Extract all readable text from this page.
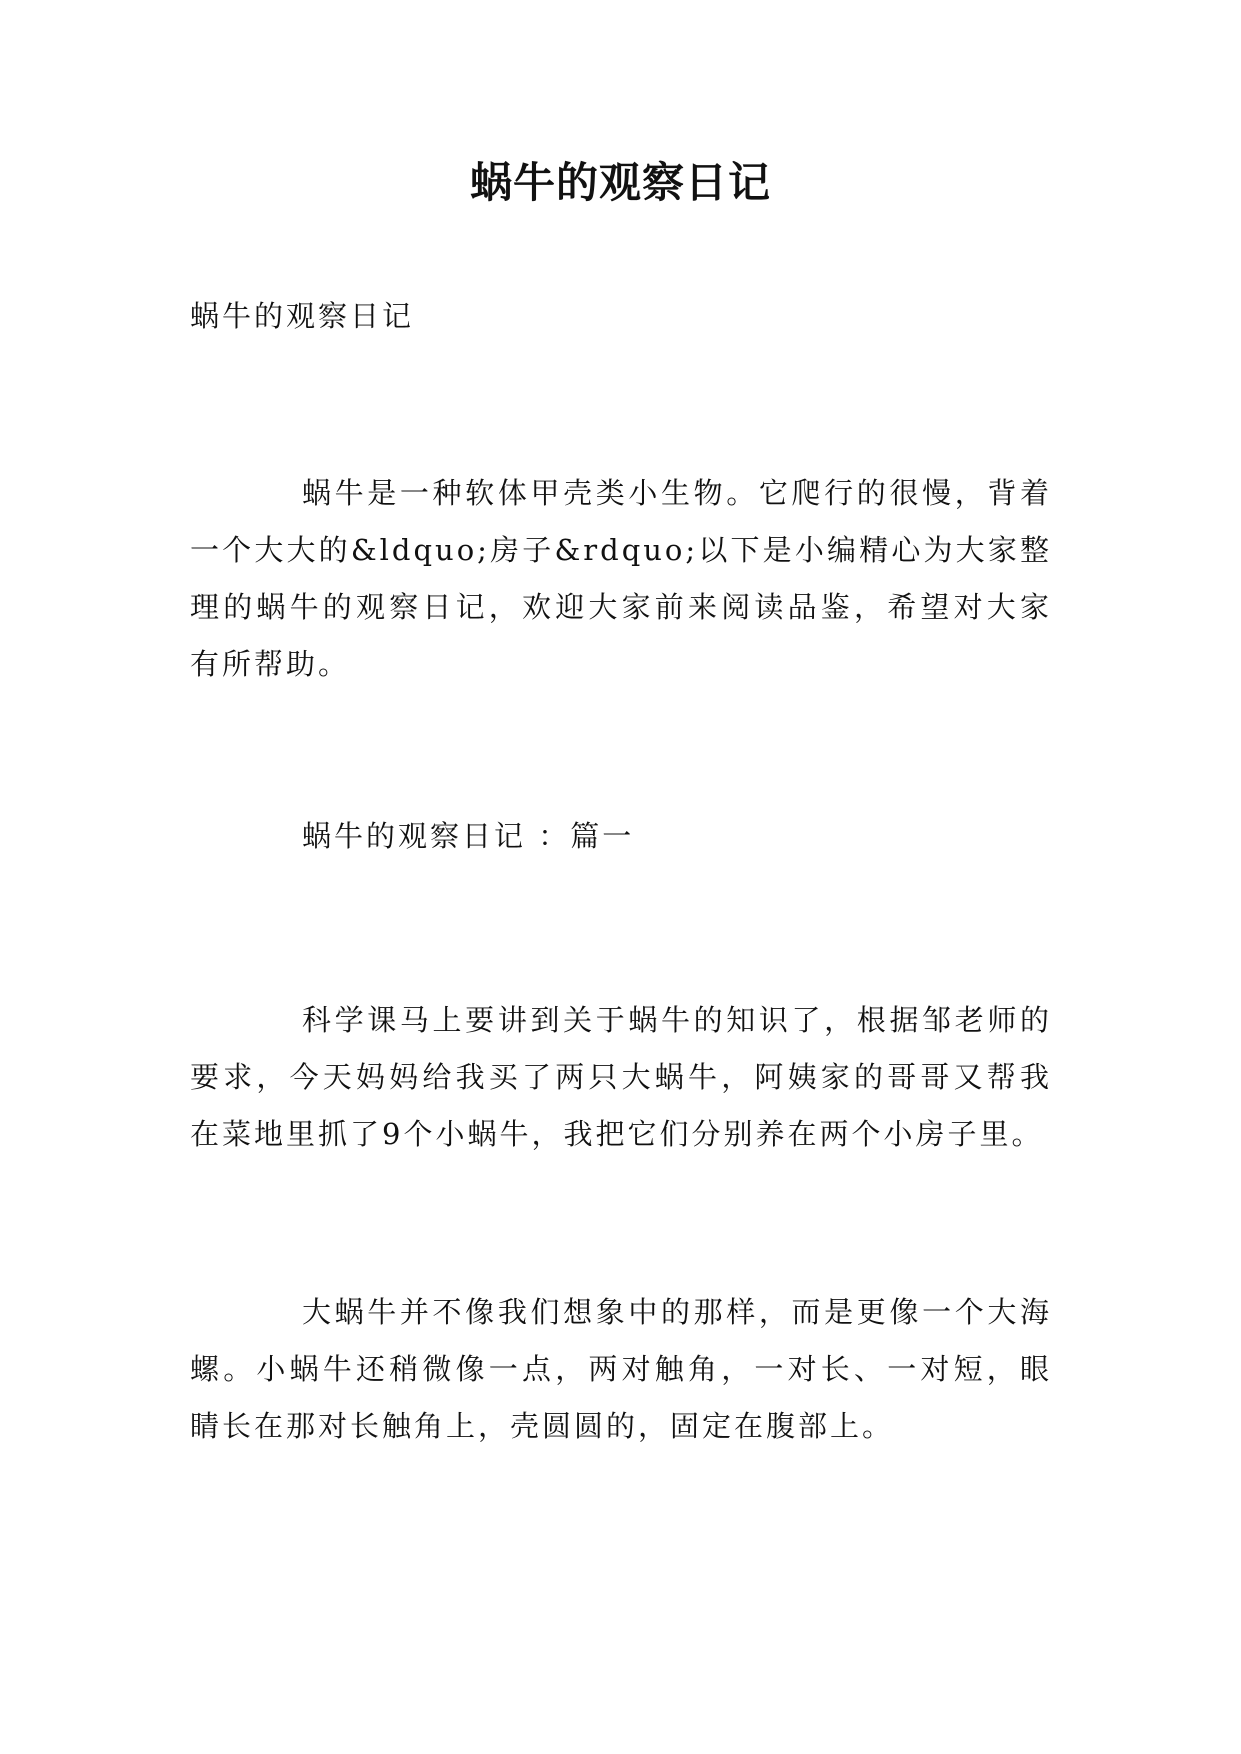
蜗牛的观察日记

蜗牛的观察日记

蜗牛是一种软体甲壳类小生物。它爬行的很慢，背着一个大大的&ldquo;房子&rdquo;以下是小编精心为大家整理的蜗牛的观察日记，欢迎大家前来阅读品鉴，希望对大家有所帮助。

蜗牛的观察日记 ：篇一

科学课马上要讲到关于蜗牛的知识了，根据邹老师的要求，今天妈妈给我买了两只大蜗牛，阿姨家的哥哥又帮我在菜地里抓了9个小蜗牛，我把它们分别养在两个小房子里。

大蜗牛并不像我们想象中的那样，而是更像一个大海螺。小蜗牛还稍微像一点，两对触角，一对长、一对短，眼睛长在那对长触角上，壳圆圆的，固定在腹部上。
